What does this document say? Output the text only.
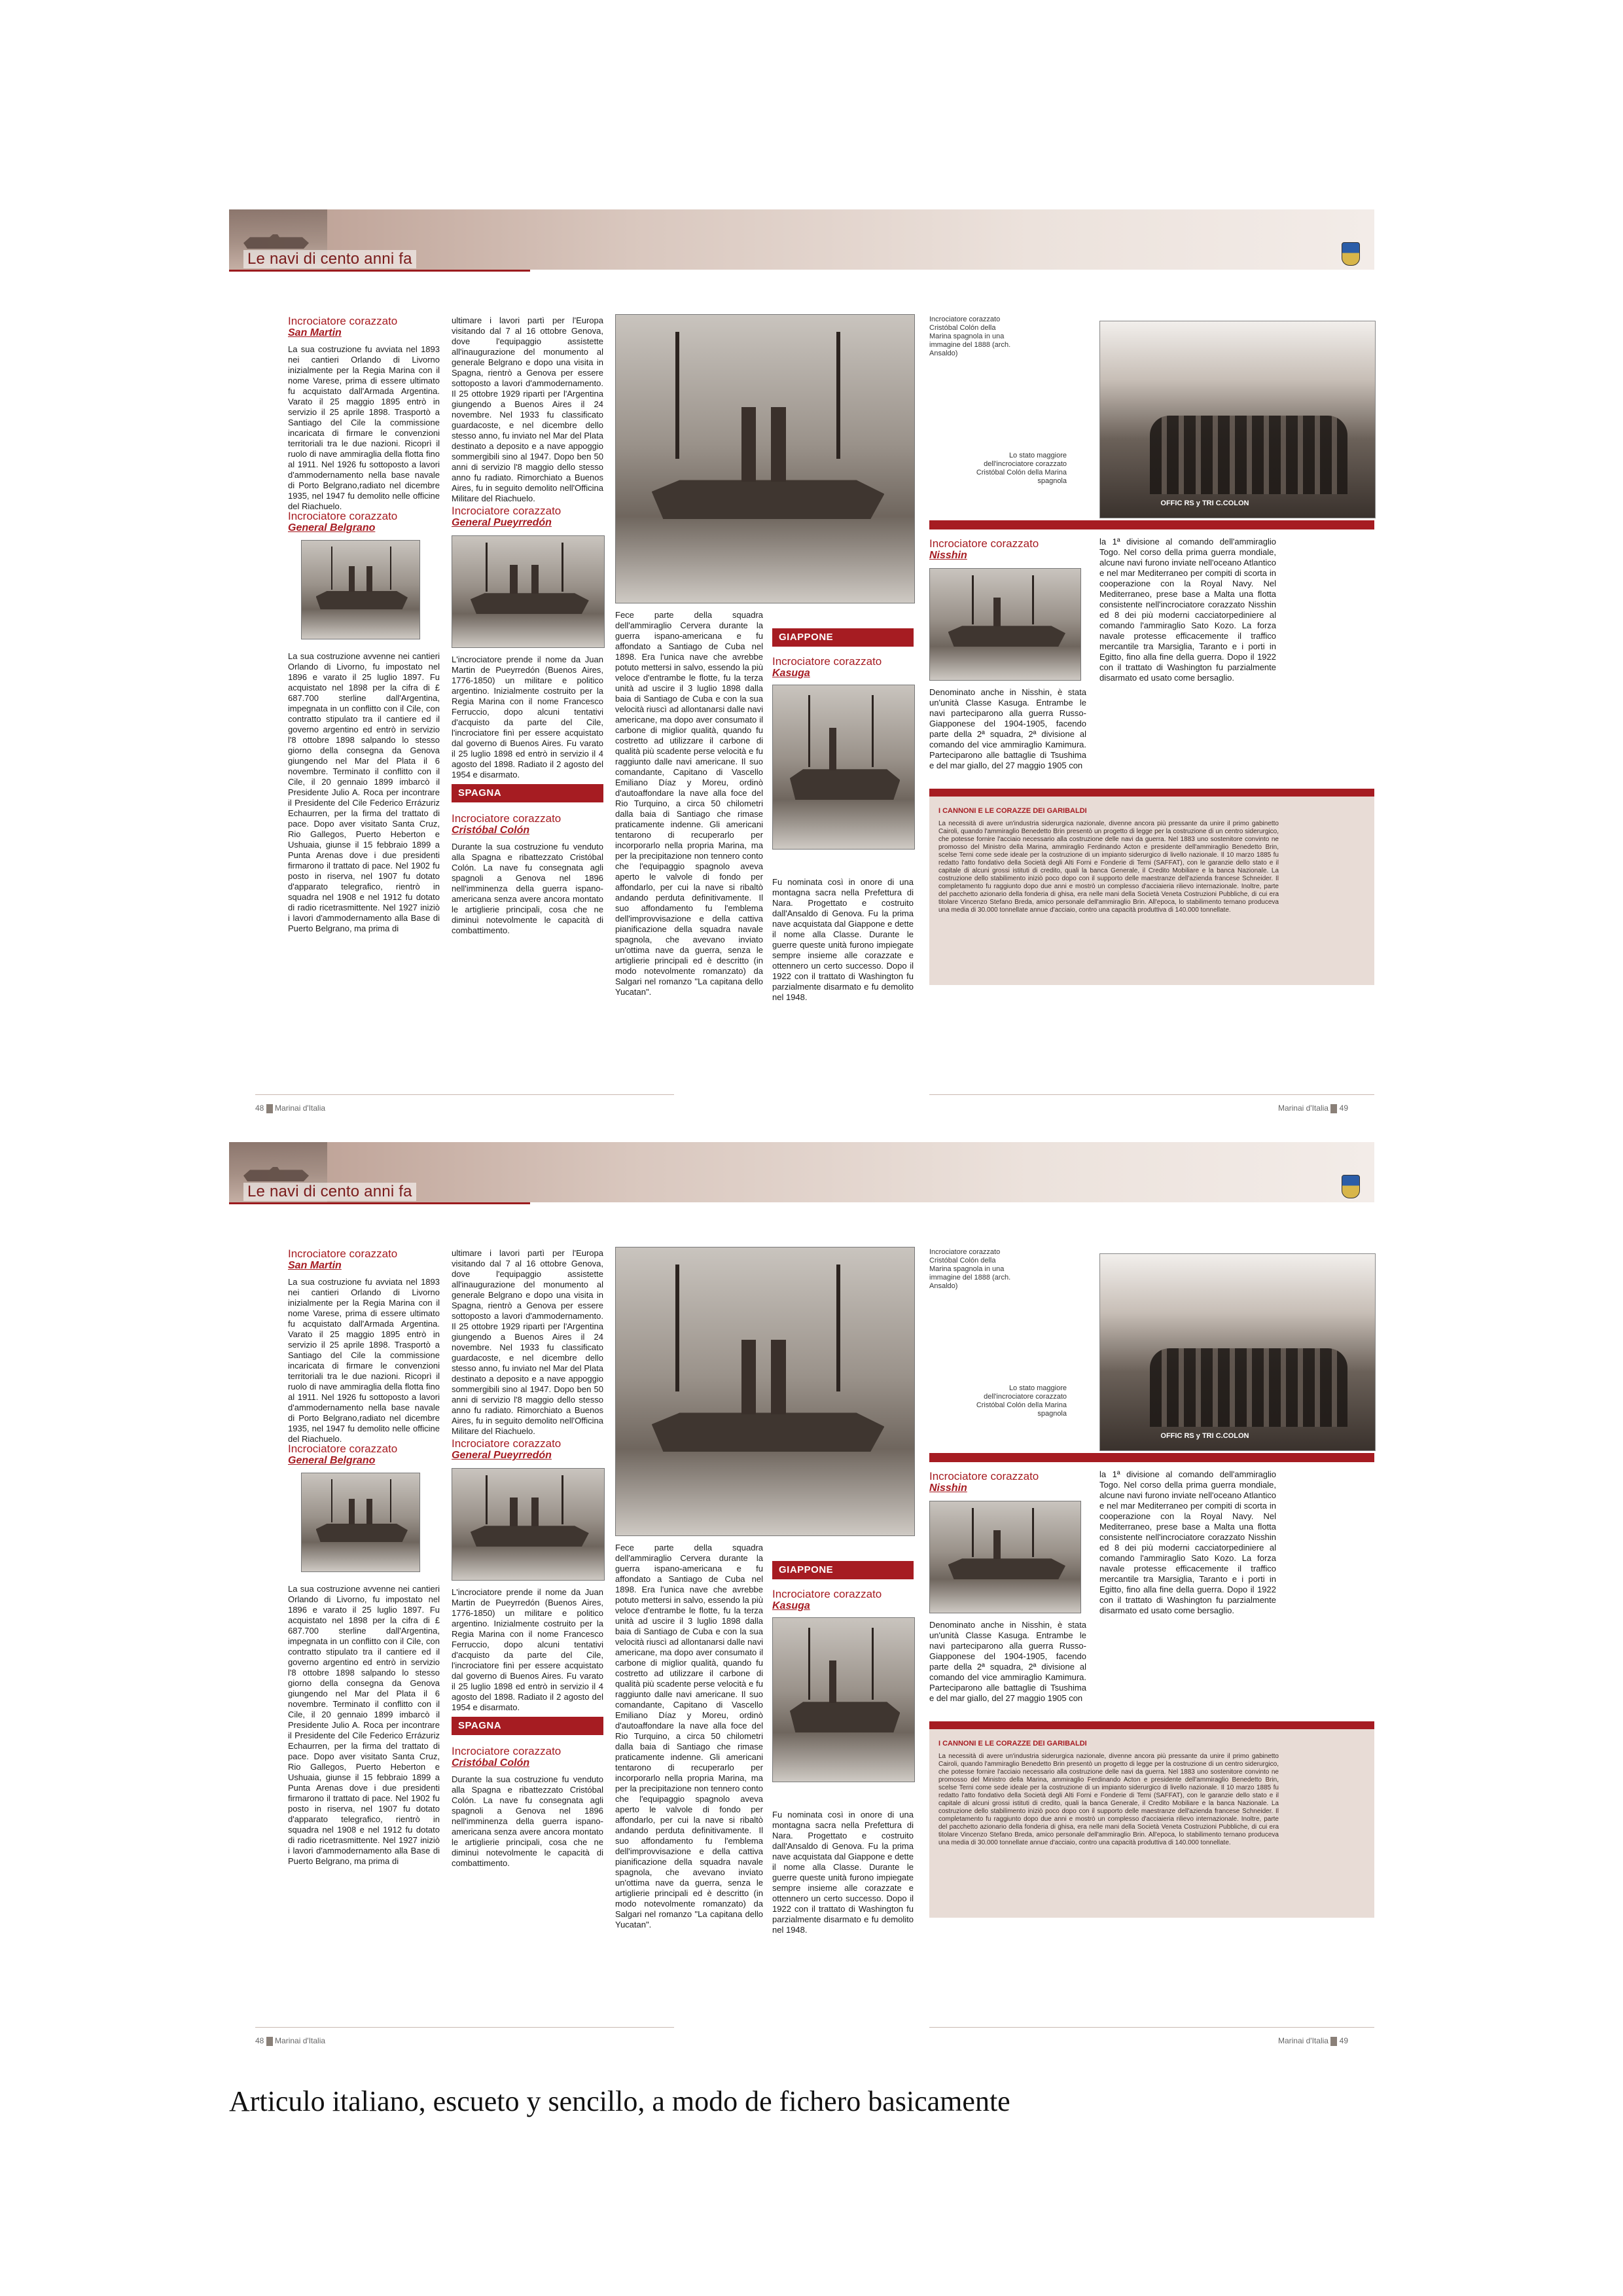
Le navi di cento anni fa
Incrociatore corazzato
San Martin
La sua costruzione fu avviata nel 1893 nei cantieri Orlando di Livorno inizialmente per la Regia Marina con il nome Varese, prima di essere ultimato fu acquistato dall'Armada Argentina. Varato il 25 maggio 1895 entrò in servizio il 25 aprile 1898. Trasportò a Santiago del Cile la commissione incaricata di firmare le convenzioni territoriali tra le due nazioni. Ricoprì il ruolo di nave ammiraglia della flotta fino al 1911. Nel 1926 fu sottoposto a lavori d'ammodernamento nella base navale di Porto Belgrano,radiato nel dicembre 1935, nel 1947 fu demolito nelle officine del Riachuelo.
Incrociatore corazzato
General Belgrano
La sua costruzione avvenne nei cantieri Orlando di Livorno, fu impostato nel 1896 e varato il 25 luglio 1897. Fu acquistato nel 1898 per la cifra di £ 687.700 sterline dall'Argentina, impegnata in un conflitto con il Cile, con contratto stipulato tra il cantiere ed il governo argentino ed entrò in servizio l'8 ottobre 1898 salpando lo stesso giorno della consegna da Genova giungendo nel Mar del Plata il 6 novembre. Terminato il conflitto con il Cile, il 20 gennaio 1899 imbarcò il Presidente Julio A. Roca per incontrare il Presidente del Cile Federico Errázuriz Echaurren, per la firma del trattato di pace. Dopo aver visitato Santa Cruz, Rio Gallegos, Puerto Heberton e Ushuaia, giunse il 15 febbraio 1899 a Punta Arenas dove i due presidenti firmarono il trattato di pace. Nel 1902 fu posto in riserva, nel 1907 fu dotato d'apparato telegrafico, rientrò in squadra nel 1908 e nel 1912 fu dotato di radio ricetrasmittente. Nel 1927 iniziò i lavori d'ammodernamento alla Base di Puerto Belgrano, ma prima di
ultimare i lavori partì per l'Europa visitando dal 7 al 16 ottobre Genova, dove l'equipaggio assistette all'inaugurazione del monumento al generale Belgrano e dopo una visita in Spagna, rientrò a Genova per essere sottoposto a lavori d'ammodernamento. Il 25 ottobre 1929 ripartì per l'Argentina giungendo a Buenos Aires il 24 novembre. Nel 1933 fu classificato guardacoste, e nel dicembre dello stesso anno, fu inviato nel Mar del Plata destinato a deposito e a nave appoggio sommergibili sino al 1947. Dopo ben 50 anni di servizio l'8 maggio dello stesso anno fu radiato. Rimorchiato a Buenos Aires, fu in seguito demolito nell'Officina Militare del Riachuelo.
Incrociatore corazzato
General Pueyrredón
L'incrociatore prende il nome da Juan Martin de Pueyrredón (Buenos Aires, 1776-1850) un militare e politico argentino. Inizialmente costruito per la Regia Marina con il nome Francesco Ferruccio, dopo alcuni tentativi d'acquisto da parte del Cile, l'incrociatore finì per essere acquistato dal governo di Buenos Aires. Fu varato il 25 luglio 1898 ed entrò in servizio il 4 agosto del 1898. Radiato il 2 agosto del 1954 e disarmato.
SPAGNA
Incrociatore corazzato
Cristóbal Colón
Durante la sua costruzione fu venduto alla Spagna e ribattezzato Cristóbal Colón. La nave fu consegnata agli spagnoli a Genova nel 1896 nell'imminenza della guerra ispano-americana senza avere ancora montato le artiglierie principali, cosa che ne diminuì notevolmente le capacità di combattimento.
Fece parte della squadra dell'ammiraglio Cervera durante la guerra ispano-americana e fu affondato a Santiago de Cuba nel 1898. Era l'unica nave che avrebbe potuto mettersi in salvo, essendo la più veloce d'entrambe le flotte, fu la terza unità ad uscire il 3 luglio 1898 dalla baia di Santiago de Cuba e con la sua velocità riuscì ad allontanarsi dalle navi americane, ma dopo aver consumato il carbone di miglior qualità, quando fu costretto ad utilizzare il carbone di qualità più scadente perse velocità e fu raggiunto dalle navi americane. Il suo comandante, Capitano di Vascello Emiliano Díaz y Moreu, ordinò d'autoaffondare la nave alla foce del Rio Turquino, a circa 50 chilometri dalla baia di Santiago che rimase praticamente indenne. Gli americani tentarono di recuperarlo per incorporarlo nella propria Marina, ma per la precipitazione non tennero conto che l'equipaggio spagnolo aveva aperto le valvole di fondo per affondarlo, per cui la nave si ribaltò andando perduta definitivamente. Il suo affondamento fu l'emblema dell'improvvisazione e della cattiva pianificazione della squadra navale spagnola, che avevano inviato un'ottima nave da guerra, senza le artiglierie principali ed è descritto (in modo notevolmente romanzato) da Salgari nel romanzo "La capitana dello Yucatan".
GIAPPONE
Incrociatore corazzato
Kasuga
Fu nominata così in onore di una montagna sacra nella Prefettura di Nara. Progettato e costruito dall'Ansaldo di Genova. Fu la prima nave acquistata dal Giappone e dette il nome alla Classe. Durante le guerre queste unità furono impiegate sempre insieme alle corazzate e ottennero un certo successo. Dopo il 1922 con il trattato di Washington fu parzialmente disarmato e fu demolito nel 1948.
Incrociatore corazzato Cristóbal Colón della Marina spagnola in una immagine del 1888 (arch. Ansaldo)
Lo stato maggiore dell'incrociatore corazzato Cristóbal Colón della Marina spagnola
OFFIC RS y TRI C.COLON
Incrociatore corazzato
Nisshin
Denominato anche in Nisshin, è stata un'unità Classe Kasuga. Entrambe le navi parteciparono alla guerra Russo-Giapponese del 1904-1905, facendo parte della 2ª squadra, 2ª divisione al comando del vice ammiraglio Kamimura. Parteciparono alle battaglie di Tsushima e del mar giallo, del 27 maggio 1905 con
la 1ª divisione al comando dell'ammiraglio Togo. Nel corso della prima guerra mondiale, alcune navi furono inviate nell'oceano Atlantico e nel mar Mediterraneo per compiti di scorta in cooperazione con la Royal Navy. Nel Mediterraneo, prese base a Malta una flotta consistente nell'incrociatore corazzato Nisshin ed 8 dei più moderni cacciatorpediniere al comando l'ammiraglio Sato Kozo. La forza navale protesse efficacemente il traffico mercantile tra Marsiglia, Taranto e i porti in Egitto, fino alla fine della guerra. Dopo il 1922 con il trattato di Washington fu parzialmente disarmato ed usato come bersaglio.
I CANNONI E LE CORAZZE DEI GARIBALDI
La necessità di avere un'industria siderurgica nazionale, divenne ancora più pressante da unire il primo gabinetto Cairoli, quando l'ammiraglio Benedetto Brin presentò un progetto di legge per la costruzione di un centro siderurgico, che potesse fornire l'acciaio necessario alla costruzione delle navi da guerra. Nel 1883 uno sostenitore convinto ne promosso del Ministro della Marina, ammiraglio Ferdinando Acton e presidente dell'ammiraglio Benedetto Brin, scelse Terni come sede ideale per la costruzione di un impianto siderurgico di livello nazionale. Il 10 marzo 1885 fu redatto l'atto fondativo della Società degli Alti Forni e Fonderie di Terni (SAFFAT), con le garanzie dello stato e il capitale di alcuni grossi istituti di credito, quali la banca Generale, il Credito Mobiliare e la banca Nazionale. La costruzione dello stabilimento iniziò poco dopo con il supporto delle maestranze dell'azienda francese Schneider. Il completamento fu raggiunto dopo due anni e mostrò un complesso d'acciaieria rilievo internazionale. Inoltre, parte del pacchetto azionario della fonderia di ghisa, era nelle mani della Società Veneta Costruzioni Pubbliche, di cui era titolare Vincenzo Stefano Breda, amico personale dell'ammiraglio Brin. All'epoca, lo stabilimento ternano produceva una media di 30.000 tonnellate annue d'acciaio, contro una capacità produttiva di 140.000 tonnellate.
48 Marinai d'Italia	Marinai d'Italia 49
Le navi di cento anni fa
Incrociatore corazzato
San Martin
La sua costruzione fu avviata nel 1893 nei cantieri Orlando di Livorno inizialmente per la Regia Marina con il nome Varese, prima di essere ultimato fu acquistato dall'Armada Argentina. Varato il 25 maggio 1895 entrò in servizio il 25 aprile 1898. Trasportò a Santiago del Cile la commissione incaricata di firmare le convenzioni territoriali tra le due nazioni. Ricoprì il ruolo di nave ammiraglia della flotta fino al 1911. Nel 1926 fu sottoposto a lavori d'ammodernamento nella base navale di Porto Belgrano,radiato nel dicembre 1935, nel 1947 fu demolito nelle officine del Riachuelo.
Incrociatore corazzato
General Belgrano
La sua costruzione avvenne nei cantieri Orlando di Livorno, fu impostato nel 1896 e varato il 25 luglio 1897. Fu acquistato nel 1898 per la cifra di £ 687.700 sterline dall'Argentina, impegnata in un conflitto con il Cile, con contratto stipulato tra il cantiere ed il governo argentino ed entrò in servizio l'8 ottobre 1898 salpando lo stesso giorno della consegna da Genova giungendo nel Mar del Plata il 6 novembre. Terminato il conflitto con il Cile, il 20 gennaio 1899 imbarcò il Presidente Julio A. Roca per incontrare il Presidente del Cile Federico Errázuriz Echaurren, per la firma del trattato di pace. Dopo aver visitato Santa Cruz, Rio Gallegos, Puerto Heberton e Ushuaia, giunse il 15 febbraio 1899 a Punta Arenas dove i due presidenti firmarono il trattato di pace. Nel 1902 fu posto in riserva, nel 1907 fu dotato d'apparato telegrafico, rientrò in squadra nel 1908 e nel 1912 fu dotato di radio ricetrasmittente. Nel 1927 iniziò i lavori d'ammodernamento alla Base di Puerto Belgrano, ma prima di
ultimare i lavori partì per l'Europa visitando dal 7 al 16 ottobre Genova, dove l'equipaggio assistette all'inaugurazione del monumento al generale Belgrano e dopo una visita in Spagna, rientrò a Genova per essere sottoposto a lavori d'ammodernamento. Il 25 ottobre 1929 ripartì per l'Argentina giungendo a Buenos Aires il 24 novembre. Nel 1933 fu classificato guardacoste, e nel dicembre dello stesso anno, fu inviato nel Mar del Plata destinato a deposito e a nave appoggio sommergibili sino al 1947. Dopo ben 50 anni di servizio l'8 maggio dello stesso anno fu radiato. Rimorchiato a Buenos Aires, fu in seguito demolito nell'Officina Militare del Riachuelo.
Incrociatore corazzato
General Pueyrredón
L'incrociatore prende il nome da Juan Martin de Pueyrredón (Buenos Aires, 1776-1850) un militare e politico argentino. Inizialmente costruito per la Regia Marina con il nome Francesco Ferruccio, dopo alcuni tentativi d'acquisto da parte del Cile, l'incrociatore finì per essere acquistato dal governo di Buenos Aires. Fu varato il 25 luglio 1898 ed entrò in servizio il 4 agosto del 1898. Radiato il 2 agosto del 1954 e disarmato.
SPAGNA
Incrociatore corazzato
Cristóbal Colón
Durante la sua costruzione fu venduto alla Spagna e ribattezzato Cristóbal Colón. La nave fu consegnata agli spagnoli a Genova nel 1896 nell'imminenza della guerra ispano-americana senza avere ancora montato le artiglierie principali, cosa che ne diminuì notevolmente le capacità di combattimento.
Fece parte della squadra dell'ammiraglio Cervera durante la guerra ispano-americana e fu affondato a Santiago de Cuba nel 1898. Era l'unica nave che avrebbe potuto mettersi in salvo, essendo la più veloce d'entrambe le flotte, fu la terza unità ad uscire il 3 luglio 1898 dalla baia di Santiago de Cuba e con la sua velocità riuscì ad allontanarsi dalle navi americane, ma dopo aver consumato il carbone di miglior qualità, quando fu costretto ad utilizzare il carbone di qualità più scadente perse velocità e fu raggiunto dalle navi americane. Il suo comandante, Capitano di Vascello Emiliano Díaz y Moreu, ordinò d'autoaffondare la nave alla foce del Rio Turquino, a circa 50 chilometri dalla baia di Santiago che rimase praticamente indenne. Gli americani tentarono di recuperarlo per incorporarlo nella propria Marina, ma per la precipitazione non tennero conto che l'equipaggio spagnolo aveva aperto le valvole di fondo per affondarlo, per cui la nave si ribaltò andando perduta definitivamente. Il suo affondamento fu l'emblema dell'improvvisazione e della cattiva pianificazione della squadra navale spagnola, che avevano inviato un'ottima nave da guerra, senza le artiglierie principali ed è descritto (in modo notevolmente romanzato) da Salgari nel romanzo "La capitana dello Yucatan".
GIAPPONE
Incrociatore corazzato
Kasuga
Fu nominata così in onore di una montagna sacra nella Prefettura di Nara. Progettato e costruito dall'Ansaldo di Genova. Fu la prima nave acquistata dal Giappone e dette il nome alla Classe. Durante le guerre queste unità furono impiegate sempre insieme alle corazzate e ottennero un certo successo. Dopo il 1922 con il trattato di Washington fu parzialmente disarmato e fu demolito nel 1948.
Incrociatore corazzato Cristóbal Colón della Marina spagnola in una immagine del 1888 (arch. Ansaldo)
Lo stato maggiore dell'incrociatore corazzato Cristóbal Colón della Marina spagnola
OFFIC RS y TRI C.COLON
Incrociatore corazzato
Nisshin
Denominato anche in Nisshin, è stata un'unità Classe Kasuga. Entrambe le navi parteciparono alla guerra Russo-Giapponese del 1904-1905, facendo parte della 2ª squadra, 2ª divisione al comando del vice ammiraglio Kamimura. Parteciparono alle battaglie di Tsushima e del mar giallo, del 27 maggio 1905 con
la 1ª divisione al comando dell'ammiraglio Togo. Nel corso della prima guerra mondiale, alcune navi furono inviate nell'oceano Atlantico e nel mar Mediterraneo per compiti di scorta in cooperazione con la Royal Navy. Nel Mediterraneo, prese base a Malta una flotta consistente nell'incrociatore corazzato Nisshin ed 8 dei più moderni cacciatorpediniere al comando l'ammiraglio Sato Kozo. La forza navale protesse efficacemente il traffico mercantile tra Marsiglia, Taranto e i porti in Egitto, fino alla fine della guerra. Dopo il 1922 con il trattato di Washington fu parzialmente disarmato ed usato come bersaglio.
I CANNONI E LE CORAZZE DEI GARIBALDI
La necessità di avere un'industria siderurgica nazionale, divenne ancora più pressante da unire il primo gabinetto Cairoli, quando l'ammiraglio Benedetto Brin presentò un progetto di legge per la costruzione di un centro siderurgico, che potesse fornire l'acciaio necessario alla costruzione delle navi da guerra. Nel 1883 uno sostenitore convinto ne promosso del Ministro della Marina, ammiraglio Ferdinando Acton e presidente dell'ammiraglio Benedetto Brin, scelse Terni come sede ideale per la costruzione di un impianto siderurgico di livello nazionale. Il 10 marzo 1885 fu redatto l'atto fondativo della Società degli Alti Forni e Fonderie di Terni (SAFFAT), con le garanzie dello stato e il capitale di alcuni grossi istituti di credito, quali la banca Generale, il Credito Mobiliare e la banca Nazionale. La costruzione dello stabilimento iniziò poco dopo con il supporto delle maestranze dell'azienda francese Schneider. Il completamento fu raggiunto dopo due anni e mostrò un complesso d'acciaieria rilievo internazionale. Inoltre, parte del pacchetto azionario della fonderia di ghisa, era nelle mani della Società Veneta Costruzioni Pubbliche, di cui era titolare Vincenzo Stefano Breda, amico personale dell'ammiraglio Brin. All'epoca, lo stabilimento ternano produceva una media di 30.000 tonnellate annue d'acciaio, contro una capacità produttiva di 140.000 tonnellate.
48 Marinai d'Italia	Marinai d'Italia 49
Articulo italiano, escueto y sencillo, a modo de fichero basicamente
